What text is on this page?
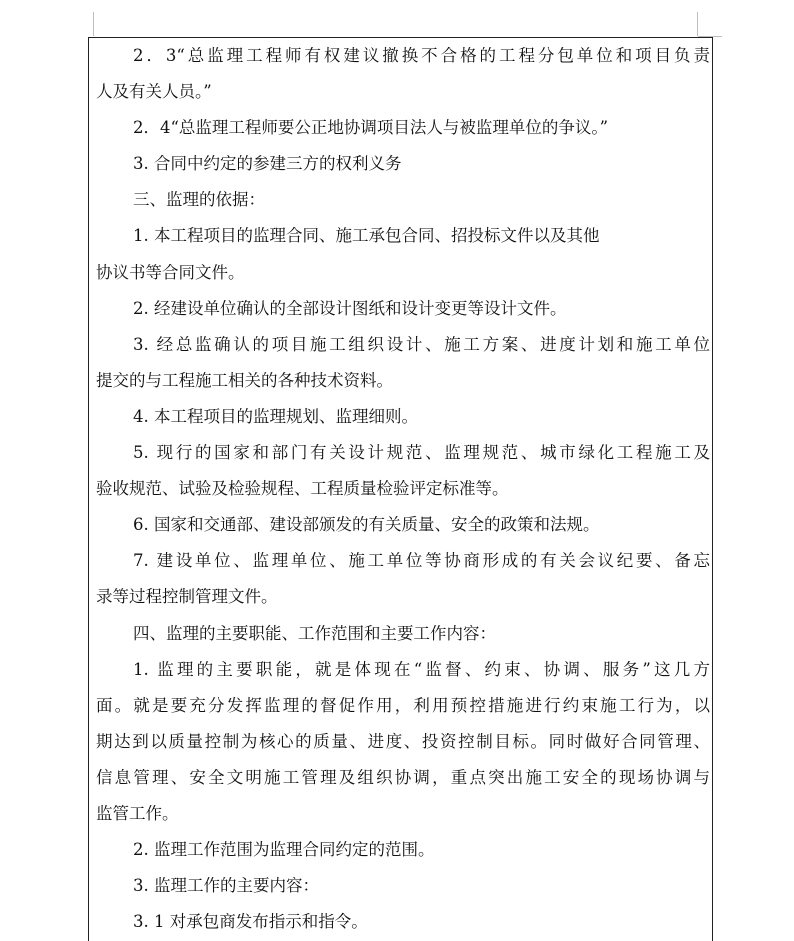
2．3“总监理工程师有权建议撤换不合格的工程分包单位和项目负责
人及有关人员。”
2．4“总监理工程师要公正地协调项目法人与被监理单位的争议。”
3. 合同中约定的参建三方的权利义务
三、监理的依据：
1. 本工程项目的监理合同、施工承包合同、招投标文件以及其他
协议书等合同文件。
2. 经建设单位确认的全部设计图纸和设计变更等设计文件。
3. 经总监确认的项目施工组织设计、施工方案、进度计划和施工单位
提交的与工程施工相关的各种技术资料。
4. 本工程项目的监理规划、监理细则。
5. 现行的国家和部门有关设计规范、监理规范、城市绿化工程施工及
验收规范、试验及检验规程、工程质量检验评定标准等。
6. 国家和交通部、建设部颁发的有关质量、安全的政策和法规。
7. 建设单位、监理单位、施工单位等协商形成的有关会议纪要、备忘
录等过程控制管理文件。
四、监理的主要职能、工作范围和主要工作内容：
1. 监理的主要职能，就是体现在“监督、约束、协调、服务”这几方
面。就是要充分发挥监理的督促作用，利用预控措施进行约束施工行为，以
期达到以质量控制为核心的质量、进度、投资控制目标。同时做好合同管理、
信息管理、安全文明施工管理及组织协调，重点突出施工安全的现场协调与
监管工作。
2. 监理工作范围为监理合同约定的范围。
3. 监理工作的主要内容：
3. 1 对承包商发布指示和指令。
